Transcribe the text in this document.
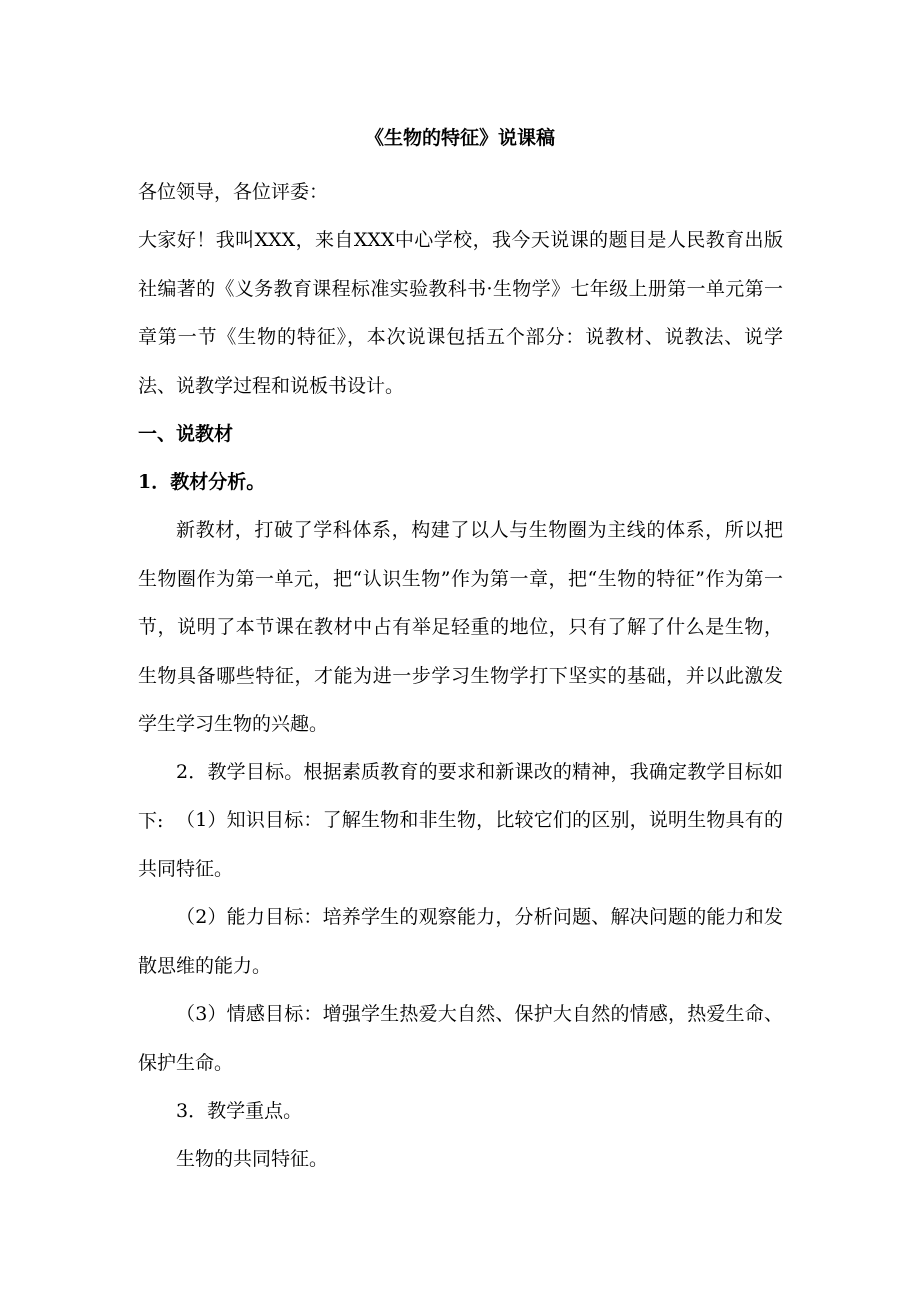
《生物的特征》说课稿
各位领导，各位评委：
大家好！我叫XXX，来自XXX中心学校，我今天说课的题目是人民教育出版社编著的《义务教育课程标准实验教科书·生物学》七年级上册第一单元第一章第一节《生物的特征》，本次说课包括五个部分：说教材、说教法、说学法、说教学过程和说板书设计。
一、说教材
1．教材分析。
新教材，打破了学科体系，构建了以人与生物圈为主线的体系，所以把生物圈作为第一单元，把“认识生物”作为第一章，把“生物的特征”作为第一节，说明了本节课在教材中占有举足轻重的地位，只有了解了什么是生物，生物具备哪些特征，才能为进一步学习生物学打下坚实的基础，并以此激发学生学习生物的兴趣。
2．教学目标。根据素质教育的要求和新课改的精神，我确定教学目标如下: （1）知识目标：了解生物和非生物，比较它们的区别，说明生物具有的共同特征。
（2）能力目标：培养学生的观察能力，分析问题、解决问题的能力和发散思维的能力。
（3）情感目标：增强学生热爱大自然、保护大自然的情感，热爱生命、保护生命。
3．教学重点。
生物的共同特征。
